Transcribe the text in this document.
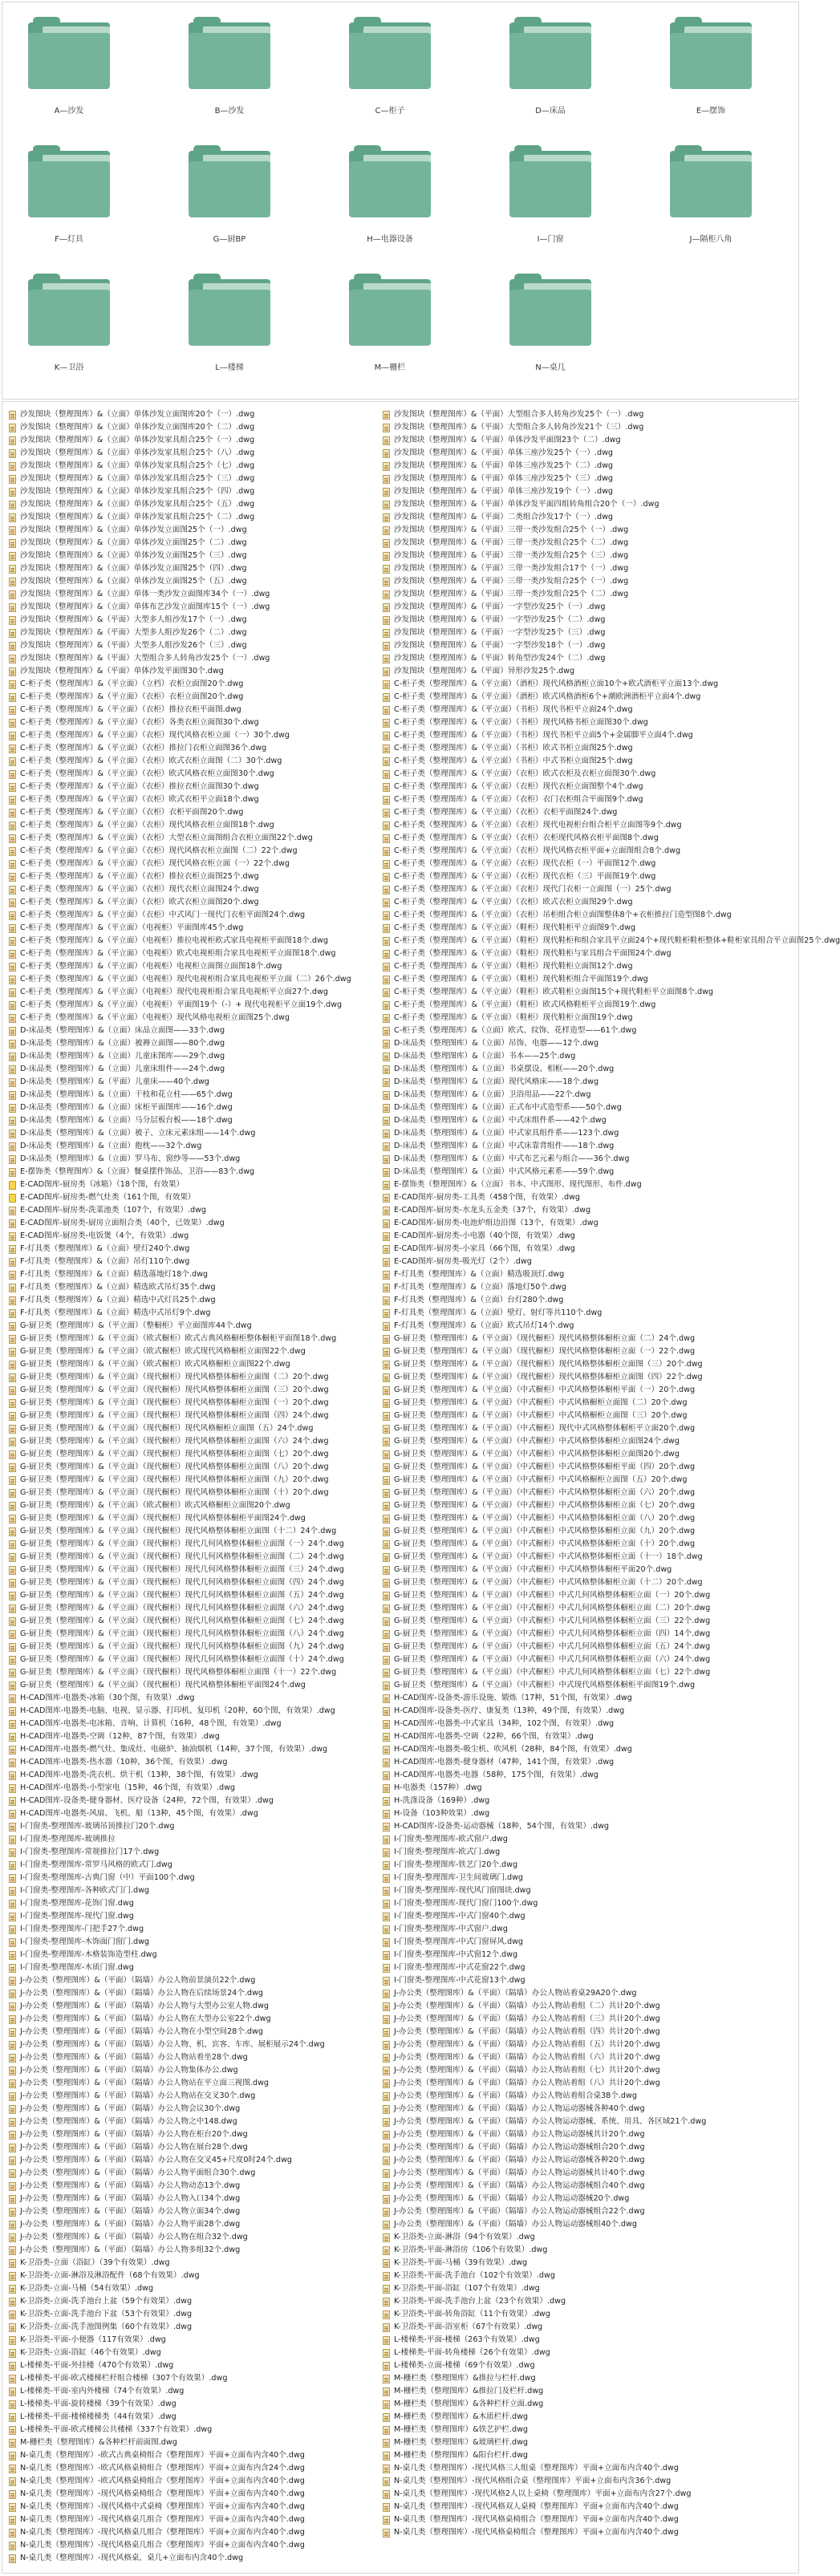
A—沙发	B—沙发	C—柜子	D—床品	E—摆饰
F—灯具	G—厨BP	H—电器设备	I—门窗	J—隔柜八角
K—卫浴	L—楼梯	M—栅栏	N—桌几
沙发图块（整理图库）&（立面）单体沙发立面图库20个（一）.dwg
沙发图块（整理图库）&（立面）单体沙发立面图库20个（二）.dwg
沙发图块（整理图库）&（立面）单体沙发家具组合25个（一）.dwg
沙发图块（整理图库）&（立面）单体沙发家具组合25个（八）.dwg
沙发图块（整理图库）&（立面）单体沙发家具组合25个（七）.dwg
沙发图块（整理图库）&（立面）单体沙发家具组合25个（三）.dwg
沙发图块（整理图库）&（立面）单体沙发家具组合25个（四）.dwg
沙发图块（整理图库）&（立面）单体沙发家具组合25个（五）.dwg
沙发图块（整理图库）&（立面）单体沙发家具组合25个（二）.dwg
沙发图块（整理图库）&（立面）单体沙发立面图25个（一）.dwg
沙发图块（整理图库）&（立面）单体沙发立面图25个（二）.dwg
沙发图块（整理图库）&（立面）单体沙发立面图25个（三）.dwg
沙发图块（整理图库）&（立面）单体沙发立面图25个（四）.dwg
沙发图块（整理图库）&（立面）单体沙发立面图25个（五）.dwg
沙发图块（整理图库）&（立面）单体一类沙发立面图库34个（一）.dwg
沙发图块（整理图库）&（立面）单体布艺沙发立面图库15个（一）.dwg
沙发图块（整理图库）&（平面）大型多人组沙发17个（一）.dwg
沙发图块（整理图库）&（平面）大型多人组沙发26个（二）.dwg
沙发图块（整理图库）&（平面）大型多人组沙发26个（三）.dwg
沙发图块（整理图库）&（平面）大型组合多人转角沙发25个（一）.dwg
沙发图块（整理图库）&（平面）单体沙发平面图30个.dwg
C-柜子类（整理图库）&（平立面）（立档）衣柜立面图20个.dwg
C-柜子类（整理图库）&（平立面）（衣柜）衣柜立面图20个.dwg
C-柜子类（整理图库）&（平立面）（衣柜）推拉衣柜平面图.dwg
C-柜子类（整理图库）&（平立面）（衣柜）各类衣柜立面图30个.dwg
C-柜子类（整理图库）&（平立面）（衣柜）现代风格衣柜立面（一）30个.dwg
C-柜子类（整理图库）&（平立面）（衣柜）推拉门衣柜立面图36个.dwg
C-柜子类（整理图库）&（平立面）（衣柜）欧式衣柜立面图（二）30个.dwg
C-柜子类（整理图库）&（平立面）（衣柜）欧式风格衣柜立面图30个.dwg
C-柜子类（整理图库）&（平立面）（衣柜）推拉衣柜立面图30个.dwg
C-柜子类（整理图库）&（平立面）（衣柜）欧式衣柜平立面18个.dwg
C-柜子类（整理图库）&（平立面）（衣柜）衣柜平面图20个.dwg
C-柜子类（整理图库）&（平立面）（衣柜）现代风格衣柜立面图18个.dwg
C-柜子类（整理图库）&（平立面）（衣柜）大型衣柜立面图组合衣柜立面图22个.dwg
C-柜子类（整理图库）&（平立面）（衣柜）现代风格衣柜立面图（二）22个.dwg
C-柜子类（整理图库）&（平立面）（衣柜）现代风格衣柜立面（一）22个.dwg
C-柜子类（整理图库）&（平立面）（衣柜）推拉衣柜立面图25个.dwg
C-柜子类（整理图库）&（平立面）（衣柜）现代衣柜立面图24个.dwg
C-柜子类（整理图库）&（平立面）（衣柜）欧式衣柜立面图20个.dwg
C-柜子类（整理图库）&（平立面）（衣柜）中式风门一现代门衣柜平面图24个.dwg
C-柜子类（整理图库）&（平立面）（电视柜）平面图库45个.dwg
C-柜子类（整理图库）&（平立面）（电视柜）推拉电视柜欧式家具电视柜平面图18个.dwg
C-柜子类（整理图库）&（平立面）（电视柜）欧式电视柜组合家具电视柜平立面图18个.dwg
C-柜子类（整理图库）&（平立面）（电视柜）电视柜立面图立面图18个.dwg
C-柜子类（整理图库）&（平立面）（电视柜）现代电视柜组合家具电视柜平立面（二）26个.dwg
C-柜子类（整理图库）&（平立面）（电视柜）现代电视柜组合家具电视柜平立面27个.dwg
C-柜子类（整理图库）&（平立面）（电视柜）平面图19个（-）+ 现代电视柜平立面19个.dwg
C-柜子类（整理图库）&（平立面）（电视柜）现代风格电视柜立面图25个.dwg
D-床品类（整理图库）&（立面）床品立面图——33个.dwg
D-床品类（整理图库）&（立面）被褥立面图——80个.dwg
D-床品类（整理图库）&（立面）儿童床图库——29个.dwg
D-床品类（整理图库）&（立面）儿童床组件——24个.dwg
D-床品类（整理图库）&（平面）儿童床——40个.dwg
D-床品类（整理图库）&（立面）干枝和花立柱——65个.dwg
D-床品类（整理图库）&（立面）床柜平面图库——16个.dwg
D-床品类（整理图库）&（立面）马分层板台板——18个.dwg
D-床品类（整理图库）&（立面）被子、立床元素床组——14个.dwg
D-床品类（整理图库）&（立面）抱枕——32个.dwg
D-床品类（整理图库）&（立面）罗马布、窗纱等——53个.dwg
E-摆饰类（整理图库）&（立面）餐桌摆件饰品、卫浴——83个.dwg
E-CAD图库-厨房类（冰箱）（18个图，有效果）
E-CAD图库-厨房类-燃气灶类（161个图，有效果）
E-CAD图库-厨房类-洗菜池类（107个，有效果）.dwg
E-CAD图库-厨房类-厨房立面组合类（40个，已效果）.dwg
E-CAD图库-厨房类-电饭煲（4个，有效果）.dwg
F-灯具类（整理图库）&（立面）壁灯240个.dwg
F-灯具类（整理图库）&（立面）吊灯110个.dwg
F-灯具类（整理图库）&（立面）精选落地灯18个.dwg
F-灯具类（整理图库）&（立面）精选欧式吊灯35个.dwg
F-灯具类（整理图库）&（立面）精选中式灯具25个.dwg
F-灯具类（整理图库）&（立面）精选中式吊灯9个.dwg
G-厨卫类（整理图库）&（平立面）（整橱柜）平立面图库44个.dwg
G-厨卫类（整理图库）&（平立面）（欧式橱柜）欧式古典风格橱柜整体橱柜平面图18个.dwg
G-厨卫类（整理图库）&（平立面）（欧式橱柜）欧式现代风格橱柜立面图22个.dwg
G-厨卫类（整理图库）&（平立面）（欧式橱柜）欧式风格橱柜立面图22个.dwg
G-厨卫类（整理图库）&（平立面）（现代橱柜）现代风格整体橱柜立面图（二）20个.dwg
G-厨卫类（整理图库）&（平立面）（现代橱柜）现代风格整体橱柜立面图（三）20个.dwg
G-厨卫类（整理图库）&（平立面）（现代橱柜）现代风格整体橱柜立面图（一）20个.dwg
G-厨卫类（整理图库）&（平立面）（现代橱柜）现代风格整体橱柜立面图（四）24个.dwg
G-厨卫类（整理图库）&（平立面）（现代橱柜）现代风格橱柜立面图（五）24个.dwg
G-厨卫类（整理图库）&（平立面）（现代橱柜）现代风格整体橱柜立面图（六）24个.dwg
G-厨卫类（整理图库）&（平立面）（现代橱柜）现代风格整体橱柜立面图（七）20个.dwg
G-厨卫类（整理图库）&（平立面）（现代橱柜）现代风格整体橱柜立面图（八）20个.dwg
G-厨卫类（整理图库）&（平立面）（现代橱柜）现代风格整体橱柜立面图（九）20个.dwg
G-厨卫类（整理图库）&（平立面）（现代橱柜）现代风格整体橱柜立面图（十）20个.dwg
G-厨卫类（整理图库）&（平立面）（欧式橱柜）欧式风格橱柜立面图20个.dwg
G-厨卫类（整理图库）&（平立面）（现代橱柜）现代风格整体橱柜平面图24个.dwg
G-厨卫类（整理图库）&（平立面）（现代橱柜）现代风格整体橱柜立面图（十二）24个.dwg
G-厨卫类（整理图库）&（平立面）（现代橱柜）现代几何风格整体橱柜立面图（一）24个.dwg
G-厨卫类（整理图库）&（平立面）（现代橱柜）现代几何风格整体橱柜立面图（二）24个.dwg
G-厨卫类（整理图库）&（平立面）（现代橱柜）现代几何风格整体橱柜立面图（三）24个.dwg
G-厨卫类（整理图库）&（平立面）（现代橱柜）现代几何风格整体橱柜立面图（四）24个.dwg
G-厨卫类（整理图库）&（平立面）（现代橱柜）现代几何风格整体橱柜立面图（五）24个.dwg
G-厨卫类（整理图库）&（平立面）（现代橱柜）现代几何风格整体橱柜立面图（六）24个.dwg
G-厨卫类（整理图库）&（平立面）（现代橱柜）现代几何风格整体橱柜立面图（七）24个.dwg
G-厨卫类（整理图库）&（平立面）（现代橱柜）现代几何风格整体橱柜立面图（八）24个.dwg
G-厨卫类（整理图库）&（平立面）（现代橱柜）现代几何风格整体橱柜立面图（九）24个.dwg
G-厨卫类（整理图库）&（平立面）（现代橱柜）现代几何风格整体橱柜立面图（十）24个.dwg
G-厨卫类（整理图库）&（平立面）（现代橱柜）现代风格整体橱柜立面图（十一）22个.dwg
G-厨卫类（整理图库）&（平立面）（现代橱柜）现代风格整体橱柜平面图24个.dwg
H-CAD图库-电器类-冰箱（30个图，有效果）.dwg
H-CAD图库-电器类-电脑、电视、显示器、打印机、复印机（20种，60个图，有效果）.dwg
H-CAD图库-电器类-电冰箱、音响、计算机（16种，48个图，有效果）.dwg
H-CAD图库-电器类-空调（12种，87个图，有效果）.dwg
H-CAD图库-电器类-燃气灶、集成灶、电磁炉、抽油烟机（14种，37个图，有效果）.dwg
H-CAD图库-电器类-热水器（10种，36个图，有效果）.dwg
H-CAD图库-电器类-洗衣机、烘干机（13种，38个图，有效果）.dwg
H-CAD图库-电器类-小型家电（15种，46个图，有效果）.dwg
H-CAD图库-设备类-健身器材、医疗设备（24种，72个图，有效果）.dwg
H-CAD图库-电器类-风扇、飞机、船（13种，45个图，有效果）.dwg
I-门窗类-整理图库-玻璃吊顶推拉门20个.dwg
I-门窗类-整理图库-玻璃推拉
I-门窗类-整理图库-常规推拉门17个.dwg
I-门窗类-整理图库-常罗马风格的欧式门.dwg
I-门窗类-整理图库-古典门窗（中）平面100个.dwg
I-门窗类-整理图库-各种欧式门门.dwg
I-门窗类-整理图库-花饰门窗.dwg
I-门窗类-整理图库-现代门窗.dwg
I-门窗类-整理图库-门把手27个.dwg
I-门窗类-整理图库-木饰面门窗门.dwg
I-门窗类-整理图库-木格装饰造型柱.dwg
I-门窗类-整理图库-木质门窗.dwg
J-办公类（整理图库）&（平面）（隔墙）办公人物前景演员22个.dwg
J-办公类（整理图库）&（平面）（隔墙）办公人物在后续场景24个.dwg
J-办公类（整理图库）&（平面）（隔墙）办公人物与大型办公室人物.dwg
J-办公类（整理图库）&（平面）（隔墙）办公人物在大型办公室22个.dwg
J-办公类（整理图库）&（平面）（隔墙）办公人物在小型空间28个.dwg
J-办公类（整理图库）&（平面）（隔墙）办公人物、机、宾客、车库、展柜展示24个.dwg
J-办公类（整理图库）&（平面）（隔墙）办公人物站着坐28个.dwg
J-办公类（整理图库）&（平面）（隔墙）办公人物集体办公.dwg
J-办公类（整理图库）&（平面）（隔墙）办公人物站在平立面三视图.dwg
J-办公类（整理图库）&（平面）（隔墙）办公人物站在交叉30个.dwg
J-办公类（整理图库）&（平面）（隔墙）办公人物会议30个.dwg
J-办公类（整理图库）&（平面）（隔墙）办公人物之中148.dwg
J-办公类（整理图库）&（平面）（隔墙）办公人物在柜台20个.dwg
J-办公类（整理图库）&（平面）（隔墙）办公人物在展台28个.dwg
J-办公类（整理图库）&（平面）（隔墙）办公人物在交叉45+尺度0时24个.dwg
J-办公类（整理图库）&（平面）（隔墙）办公人物平面组合30个.dwg
J-办公类（整理图库）&（平面）（隔墙）办公人物动态13个.dwg
J-办公类（整理图库）&（平面）（隔墙）办公人物入口34个.dwg
J-办公类（整理图库）&（平面）（隔墙）办公人物立面34个.dwg
J-办公类（整理图库）&（平面）（隔墙）办公人物平面28个.dwg
J-办公类（整理图库）&（平面）（隔墙）办公人物在组合32个.dwg
J-办公类（整理图库）&（平面）（隔墙）办公人物多组32个.dwg
K-卫浴类-立面（浴缸）（39个有效果）.dwg
K-卫浴类-立面-淋浴及淋浴配件（68个有效果）.dwg
K-卫浴类-立面-马桶（54有效果）.dwg
K-卫浴类-立面-洗手池台上盆（59个有效果）.dwg
K-卫浴类-立面-洗手池台下盆（53个有效果）.dwg
K-卫浴类-立面-洗手池图例集（60个有效果）.dwg
K-卫浴类-平面-小便器（117有效果）.dwg
K-卫浴类-立面-浴缸（46个有效果）.dwg
L-楼梯类-平面-外挂楼（470个有效果）.dwg
L-楼梯类-平面-欧式楼梯栏杆组合楼梯（307个有效果）.dwg
L-楼梯类-平面-室内外楼梯（74个有效果）.dwg
L-楼梯类-平面-旋转楼梯（39个有效果）.dwg
L-楼梯类-平面-楼梯楼梯类（44有效果）.dwg
L-楼梯类-平面-欧式楼梯公共楼梯（337个有效果）.dwg
M-栅栏类（整理图库）&各种栏杆前面图.dwg
N-桌几类（整理图库）-欧式古典桌椅组合（整理图库）平面+立面布内含40个.dwg
N-桌几类（整理图库）-欧式风格桌椅组合（整理图库）平面+立面布内含24个.dwg
N-桌几类（整理图库）-欧式风格桌椅组合（整理图库）平面+立面布内含40个.dwg
N-桌几类（整理图库）-现代风格桌椅组合（整理图库）平面+立面布内含40个.dwg
N-桌几类（整理图库）-现代风格中式桌椅（整理图库）平面+立面布内含40个.dwg
N-桌几类（整理图库）-现代风格桌几组合（整理图库）平面+立面布内含40个.dwg
N-桌几类（整理图库）-现代风格桌几组合（整理图库）平面+立面布内含40个.dwg
N-桌几类（整理图库）-现代风格桌几组合（整理图库）平面+立面布内含40个.dwg
N-桌几类（整理图库）-现代风格桌、桌几+立面布内含40个.dwg
沙发图块（整理图库）&（平面）大型组合多人转角沙发25个（一）.dwg
沙发图块（整理图库）&（平面）大型组合多人转角沙发21个（三）.dwg
沙发图块（整理图库）&（平面）单体沙发平面图23个（二）.dwg
沙发图块（整理图库）&（平面）单体三座沙发25个（一）.dwg
沙发图块（整理图库）&（平面）单体三座沙发25个（二）.dwg
沙发图块（整理图库）&（平面）单体三座沙发25个（三）.dwg
沙发图块（整理图库）&（平面）单体三座沙发19个（一）.dwg
沙发图块（整理图库）&（平面）单体沙发平面四组转角组合20个（一）.dwg
沙发图块（整理图库）&（平面）二类组合沙发17个（一）.dwg
沙发图块（整理图库）&（平面）三带一类沙发组合25个（一）.dwg
沙发图块（整理图库）&（平面）三带一类沙发组合25个（二）.dwg
沙发图块（整理图库）&（平面）三带一类沙发组合25个（三）.dwg
沙发图块（整理图库）&（平面）三带一类沙发组合17个（一）.dwg
沙发图块（整理图库）&（平面）三带一类沙发组合25个（一）.dwg
沙发图块（整理图库）&（平面）三带一类沙发组合25个（二）.dwg
沙发图块（整理图库）&（平面）一字型沙发25个（一）.dwg
沙发图块（整理图库）&（平面）一字型沙发25个（二）.dwg
沙发图块（整理图库）&（平面）一字型沙发25个（三）.dwg
沙发图块（整理图库）&（平面）一字型沙发18个（一）.dwg
沙发图块（整理图库）&（平面）转角型沙发24个（二）.dwg
沙发图块（整理图库）&（平面）异形沙发25个.dwg
C-柜子类（整理图库）&（平立面）（酒柜）现代风格酒柜立面10个+欧式酒柜平立面13个.dwg
C-柜子类（整理图库）&（平立面）（酒柜）欧式风格酒柜6个+潮欧洲酒柜平立面4个.dwg
C-柜子类（整理图库）&（平立面）（书柜）现代书柜平立面24个.dwg
C-柜子类（整理图库）&（平立面）（书柜）现代风格书柜立面图30个.dwg
C-柜子类（整理图库）&（平立面）（书柜）现代书柜平立面5个+金属脚平立面4个.dwg
C-柜子类（整理图库）&（平立面）（书柜）欧式书柜立面图25个.dwg
C-柜子类（整理图库）&（平立面）（书柜）中式书柜立面图25个.dwg
C-柜子类（整理图库）&（平立面）（衣柜）欧式衣柜及衣柜立面图30个.dwg
C-柜子类（整理图库）&（平立面）（衣柜）现代衣柜立面图整个4个.dwg
C-柜子类（整理图库）&（平立面）（衣柜）衣门衣柜组合平面图9个.dwg
C-柜子类（整理图库）&（平立面）（衣柜）衣柜平面图24个.dwg
C-柜子类（整理图库）&（平立面）（衣柜）现代电视柜台组合柜平立面图等9个.dwg
C-柜子类（整理图库）&（平立面）（衣柜）衣柜现代风格衣柜平面图8个.dwg
C-柜子类（整理图库）&（平立面）（衣柜）现代风格衣柜平面+立面图组合8个.dwg
C-柜子类（整理图库）&（平立面）（衣柜）现代衣柜（一）平面图12个.dwg
C-柜子类（整理图库）&（平立面）（衣柜）现代衣柜（三）平面图19个.dwg
C-柜子类（整理图库）&（平立面）（衣柜）现代门衣柜一立面图（一）25个.dwg
C-柜子类（整理图库）&（平立面）（衣柜）欧式衣柜立面图29个.dwg
C-柜子类（整理图库）&（平立面）（衣柜）吊柜组合柜立面图整体8个+衣柜推拉门造型图8个.dwg
C-柜子类（整理图库）&（平立面）（鞋柜）现代鞋柜平立面图9个.dwg
C-柜子类（整理图库）&（平立面）（鞋柜）现代鞋柜和组合家具平立面24个+现代鞋柜鞋柜整体+鞋柜家具组合平立面图25个.dwg
C-柜子类（整理图库）&（平立面）（鞋柜）现代鞋柜与家具组合平面图24个.dwg
C-柜子类（整理图库）&（平立面）（鞋柜）现代鞋柜立面图12个.dwg
C-柜子类（整理图库）&（平立面）（鞋柜）现代鞋柜组合平面图19个.dwg
C-柜子类（整理图库）&（平立面）（鞋柜）欧式鞋柜立面图15个+现代鞋柜平立面图8个.dwg
C-柜子类（整理图库）&（平立面）（鞋柜）欧式风格鞋柜平立面图19个.dwg
C-柜子类（整理图库）&（平立面）（鞋柜）现代鞋柜立面图19个.dwg
C-柜子类（整理图库）&（立面）欧式、纹饰、花样造型——61个.dwg
D-床品类（整理图库）&（立面）吊饰、电器——12个.dwg
D-床品类（整理图库）&（立面）书本——25个.dwg
D-床品类（整理图库）&（立面）书桌摆设、相框——20个.dwg
D-床品类（整理图库）&（立面）现代风格床——18个.dwg
D-床品类（整理图库）&（立面）卫浴用品——22个.dwg
D-床品类（整理图库）&（立面）正式布中式造型系——50个.dwg
D-床品类（整理图库）&（立面）中式床组件系——42个.dwg
D-床品类（整理图库）&（立面）中式家具组件系——123个.dwg
D-床品类（整理图库）&（立面）中式床靠背组件——18个.dwg
D-床品类（整理图库）&（立面）中式布艺元素与组合——36个.dwg
D-床品类（整理图库）&（立面）中式风格元素系——59个.dwg
E-摆饰类（整理图库）&（立面）书本、中式图形、现代图形、布件.dwg
E-CAD图库-厨房类-工具类（458个图，有效果）.dwg
E-CAD图库-厨房类-水龙头五金类（37个，有效果）.dwg
E-CAD图库-厨房类-电池炉组边沿图（13个，有效果）.dwg
E-CAD图库-厨房类-小电器（40个图，有效果）.dwg
E-CAD图库-厨房类-小家具（66个图，有效果）.dwg
E-CAD图库-厨房类-吸光灯（2个）.dwg
F-灯具类（整理图库）&（立面）精选吸顶灯.dwg
F-灯具类（整理图库）&（立面）落地灯50个.dwg
F-灯具类（整理图库）&（立面）台灯280个.dwg
F-灯具类（整理图库）&（立面）壁灯、射灯等共110个.dwg
F-灯具类（整理图库）&（立面）欧式吊灯14个.dwg
G-厨卫类（整理图库）&（平立面）（现代橱柜）现代风格整体橱柜立面（二）24个.dwg
G-厨卫类（整理图库）&（平立面）（现代橱柜）现代风格整体橱柜立面（一）22个.dwg
G-厨卫类（整理图库）&（平立面）（现代橱柜）现代风格整体橱柜立面图（三）20个.dwg
G-厨卫类（整理图库）&（平立面）（现代橱柜）现代风格整体橱柜立面图（四）22个.dwg
G-厨卫类（整理图库）&（平立面）（中式橱柜）中式风格整体橱柜平面（一）20个.dwg
G-厨卫类（整理图库）&（平立面）（中式橱柜）中式风格橱柜立面图（二）20个.dwg
G-厨卫类（整理图库）&（平立面）（中式橱柜）中式风格橱柜立面图（三）20个.dwg
G-厨卫类（整理图库）&（平立面）（中式橱柜）现代中式风格整体橱柜平立面20个.dwg
G-厨卫类（整理图库）&（平立面）（中式橱柜）中式风格整体橱柜立面图24个.dwg
G-厨卫类（整理图库）&（平立面）（中式橱柜）中式风格整体橱柜立面图20个.dwg
G-厨卫类（整理图库）&（平立面）（中式橱柜）中式风格整体橱柜平面（四）20个.dwg
G-厨卫类（整理图库）&（平立面）（中式橱柜）中式风格橱柜立面图（五）20个.dwg
G-厨卫类（整理图库）&（平立面）（中式橱柜）中式风格整体橱柜立面（六）20个.dwg
G-厨卫类（整理图库）&（平立面）（中式橱柜）中式风格整体橱柜立面（七）20个.dwg
G-厨卫类（整理图库）&（平立面）（中式橱柜）中式风格整体橱柜立面（八）20个.dwg
G-厨卫类（整理图库）&（平立面）（中式橱柜）中式风格整体橱柜立面（九）20个.dwg
G-厨卫类（整理图库）&（平立面）（中式橱柜）中式风格整体橱柜立面（十）20个.dwg
G-厨卫类（整理图库）&（平立面）（中式橱柜）中式风格整体橱柜立面（十一）18个.dwg
G-厨卫类（整理图库）&（平立面）（中式橱柜）中式风格整体橱柜平面20个.dwg
G-厨卫类（整理图库）&（平立面）（中式橱柜）中式风格整体橱柜立面（十二）20个.dwg
G-厨卫类（整理图库）&（平立面）（中式橱柜）中式几何风格整体橱柜立面（一）20个.dwg
G-厨卫类（整理图库）&（平立面）（中式橱柜）中式几何风格整体橱柜立面（二）20个.dwg
G-厨卫类（整理图库）&（平立面）（中式橱柜）中式几何风格整体橱柜立面（三）22个.dwg
G-厨卫类（整理图库）&（平立面）（中式橱柜）中式几何风格整体橱柜立面（四）14个.dwg
G-厨卫类（整理图库）&（平立面）（中式橱柜）中式几何风格整体橱柜立面（五）24个.dwg
G-厨卫类（整理图库）&（平立面）（中式橱柜）中式几何风格整体橱柜立面（六）24个.dwg
G-厨卫类（整理图库）&（平立面）（中式橱柜）中式几何风格整体橱柜立面（七）22个.dwg
G-厨卫类（整理图库）&（平立面）（中式橱柜）中式现代风格整体橱柜平面图19个.dwg
H-CAD图库-设备类-游乐设施、锻炼（17种，51个图，有效果）.dwg
H-CAD图库-设备类-医疗、康复类（13种，49个图，有效果）.dwg
H-CAD图库-电器类-中式家具（34种，102个图，有效果）.dwg
H-CAD图库-电器类-空调（22种，66个图，有效果）.dwg
H-CAD图库-电器类-吸尘机、吹风机（28种，84个图，有效果）.dwg
H-CAD图库-电器类-健身器材（47种，141个图，有效果）.dwg
H-CAD图库-电器类-电器（58种，175个图，有效果）.dwg
H-电器类（157种）.dwg
H-洗涤设备（169种）.dwg
H-设备（103种效果）.dwg
H-CAD图库-设备类-运动器械（18种，54个图，有效果）.dwg
I-门窗类-整理图库-欧式窗户.dwg
I-门窗类-整理图库-欧式门.dwg
I-门窗类-整理图库-铁艺门20个.dwg
I-门窗类-整理图库-卫生间玻璃门.dwg
I-门窗类-整理图库-现代风门窗图块.dwg
I-门窗类-整理图库-现代门窗门100个.dwg
I-门窗类-整理图库-中式门窗40个.dwg
I-门窗类-整理图库-中式窗户.dwg
I-门窗类-整理图库-中式门窗屏风.dwg
I-门窗类-整理图库-中式窗12个.dwg
I-门窗类-整理图库-中式花窗22个.dwg
I-门窗类-整理图库-中式花窗13个.dwg
J-办公类（整理图库）&（平面）（隔墙）办公人物站着桌29A20个.dwg
J-办公类（整理图库）&（平面）（隔墙）办公人物站着组（二）共计20个.dwg
J-办公类（整理图库）&（平面）（隔墙）办公人物站着组（三）共计20个.dwg
J-办公类（整理图库）&（平面）（隔墙）办公人物站着组（四）共计20个.dwg
J-办公类（整理图库）&（平面）（隔墙）办公人物站着组（五）共计20个.dwg
J-办公类（整理图库）&（平面）（隔墙）办公人物站着组（六）共计20个.dwg
J-办公类（整理图库）&（平面）（隔墙）办公人物站着组（七）共计20个.dwg
J-办公类（整理图库）&（平面）（隔墙）办公人物站着组（八）共计20个.dwg
J-办公类（整理图库）&（平面）（隔墙）办公人物站着组合桌38个.dwg
J-办公类（整理图库）&（平面）（隔墙）办公人物运动器械各种40个.dwg
J-办公类（整理图库）&（平面）（隔墙）办公人物运动器械、系统、用具、各区域21个.dwg
J-办公类（整理图库）&（平面）（隔墙）办公人物运动器械共计20个.dwg
J-办公类（整理图库）&（平面）（隔墙）办公人物运动器械组合20个.dwg
J-办公类（整理图库）&（平面）（隔墙）办公人物运动器械各种20个.dwg
J-办公类（整理图库）&（平面）（隔墙）办公人物运动器械共计40个.dwg
J-办公类（整理图库）&（平面）（隔墙）办公人物运动器械组合40个.dwg
J-办公类（整理图库）&（平面）（隔墙）办公人物运动器械20个.dwg
J-办公类（整理图库）&（平面）（隔墙）办公人物运动器械组合22个.dwg
J-办公类（整理图库）&（平面）（隔墙）办公人物运动器械组40个.dwg
K-卫浴类-立面-淋浴（94个有效果）.dwg
K-卫浴类-平面-淋浴房（106个有效果）.dwg
K-卫浴类-平面-马桶（39有效果）.dwg
K-卫浴类-平面-洗手池台（102个有效果）.dwg
K-卫浴类-平面-浴缸（107个有效果）.dwg
K-卫浴类-平面-洗手池台上盆（23个有效果）.dwg
K-卫浴类-平面-转角浴缸（11个有效果）.dwg
K-卫浴类-平面-浴室柜（67个有效果）.dwg
L-楼梯类-平面-楼梯（263个有效果）.dwg
L-楼梯类-平面-转角楼梯（26个有效果）.dwg
L-楼梯类-立面-楼梯（69个有效果）.dwg
M-栅栏类（整理图库）&推拉与栏杆.dwg
M-栅栏类（整理图库）&推拉门及栏杆.dwg
M-栅栏类（整理图库）&各种栏杆立面.dwg
M-栅栏类（整理图库）&木质栏杆.dwg
M-栅栏类（整理图库）&铁艺护栏.dwg
M-栅栏类（整理图库）&玻璃栏杆.dwg
M-栅栏类（整理图库）&阳台栏杆.dwg
N-桌几类（整理图库）-现代风格三人组桌（整理图库）平面+立面布内含40个.dwg
N-桌几类（整理图库）-现代风格组合桌（整理图库）平面+立面布内含36个.dwg
N-桌几类（整理图库）-现代风格2人以上桌椅（整理图库）平面+立面布内含27个.dwg
N-桌几类（整理图库）-现代风格双人桌椅（整理图库）平面+立面布内含40个.dwg
N-桌几类（整理图库）-现代风格桌椅组合（整理图库）平面+立面布内含40个.dwg
N-桌几类（整理图库）-现代风格桌椅组合（整理图库）平面+立面布内含40个.dwg
